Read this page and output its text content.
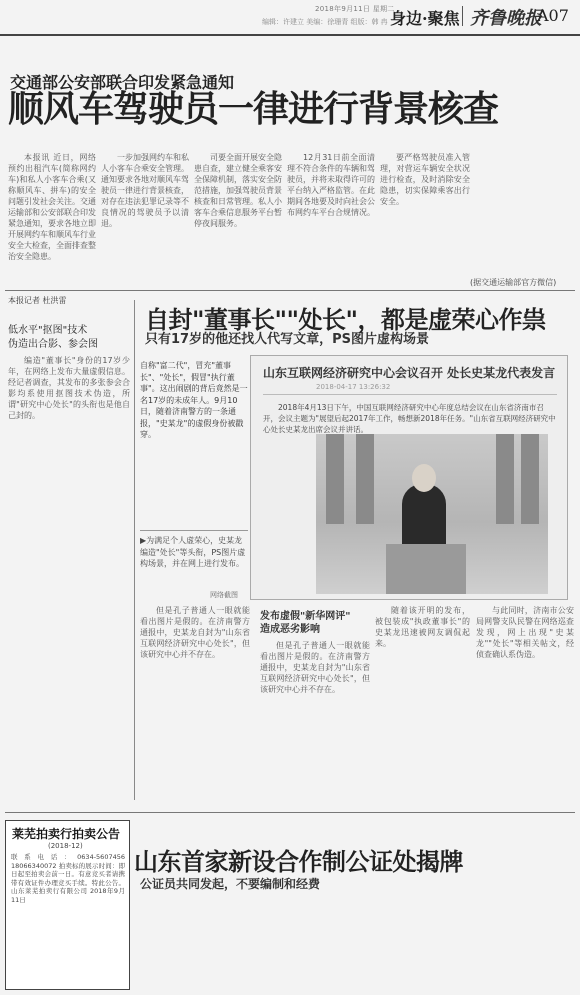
2018年9月11日 星期二
编辑：许建立 美编：徐珊青 组版：韩 冉 身边·聚焦 齐鲁晚报
A07
交通部公安部联合印发紧急通知
顺风车驾驶员一律进行背景核查

本报讯 近日，网络预约出租汽车(简称网约车)和私人小客车合乘(又称顺风车、拼车)的安全问题引发社会关注。交通运输部和公安部联合印发紧急通知，要求各地立即开展网约车和顺风车行业安全大检查，全面排查整治安全隐患。

一步加强网约车和私人小客车合乘安全管理。通知要求各地对顺风车驾驶员一律进行背景核查，对存在违法犯罪记录等不良情况的驾驶员予以清退。

司要全面开展安全隐患自查，建立健全乘客安全保障机制，落实安全防范措施，加强驾驶员背景核查和日常管理。私人小客车合乘信息服务平台暂停夜间服务。

12月31日前全面清理不符合条件的车辆和驾驶员，并将未取得许可的平台纳入严格监管。在此期间各地要及时向社会公布网约车平台合规情况。

要严格驾驶员准入管理，对营运车辆安全状况进行检查，及时消除安全隐患，切实保障乘客出行安全。

(据交通运输部官方微信)
本报记者 杜洪雷
低水平"抠图"技术
伪造出合影、参会图
自封"董事长""处长"，都是虚荣心作祟
只有17岁的他还找人代写文章，PS图片虚构场景

编造"董事长"身份的17岁少年，在网络上发布大量虚假信息。经记者调查，其发布的多张参会合影均系使用抠图技术伪造，所谓"研究中心处长"的头衔也是他自己封的。

自称"富二代"，冒充"董事长"、"处长"，假冒"执行董事"。这出闹剧的背后竟然是一名17岁的未成年人。9月10日，随着济南警方的一条通报，"史某龙"的虚假身份被戳穿。
▶为满足个人虚荣心，史某龙编造"处长"等头衔，PS图片虚构场景，并在网上进行发布。
山东互联网经济研究中心会议召开 处长史某龙代表发言
2018-04-17 13:26:32
2018年4月13日下午，中国互联网经济研究中心年度总结会议在山东省济南市召开，会议主题为"展望后起2017年工作，畅想新2018年任务。"山东省互联网经济研究中心处长史某龙出席会议并讲话。
网络截图

但是孔子普通人一眼就能看出图片是假的。在济南警方通报中，史某龙自封为"山东省互联网经济研究中心处长"，但该研究中心并不存在。

发布虚假"新华网评"
造成恶劣影响

但是孔子普通人一眼就能看出图片是假的。在济南警方通报中，史某龙自封为"山东省互联网经济研究中心处长"，但该研究中心并不存在。

随着该开明的发布，被包装成"执政董事长"的史某龙迅速被网友调侃起来。

与此同时，济南市公安局网警支队民警在网络巡查发现，网上出现"史某龙""处长"等相关帖文，经侦查确认系伪造。

莱芜拍卖行拍卖公告
(2018-12)
联系电话：0634-5607456 18066340072 拍卖标的展示时间：即日起至拍卖会前一日。有意竞买者请携带有效证件办理竞买手续。特此公告。山东莱芜拍卖行有限公司 2018年9月11日
山东首家新设合作制公证处揭牌
公证员共同发起，不要编制和经费
